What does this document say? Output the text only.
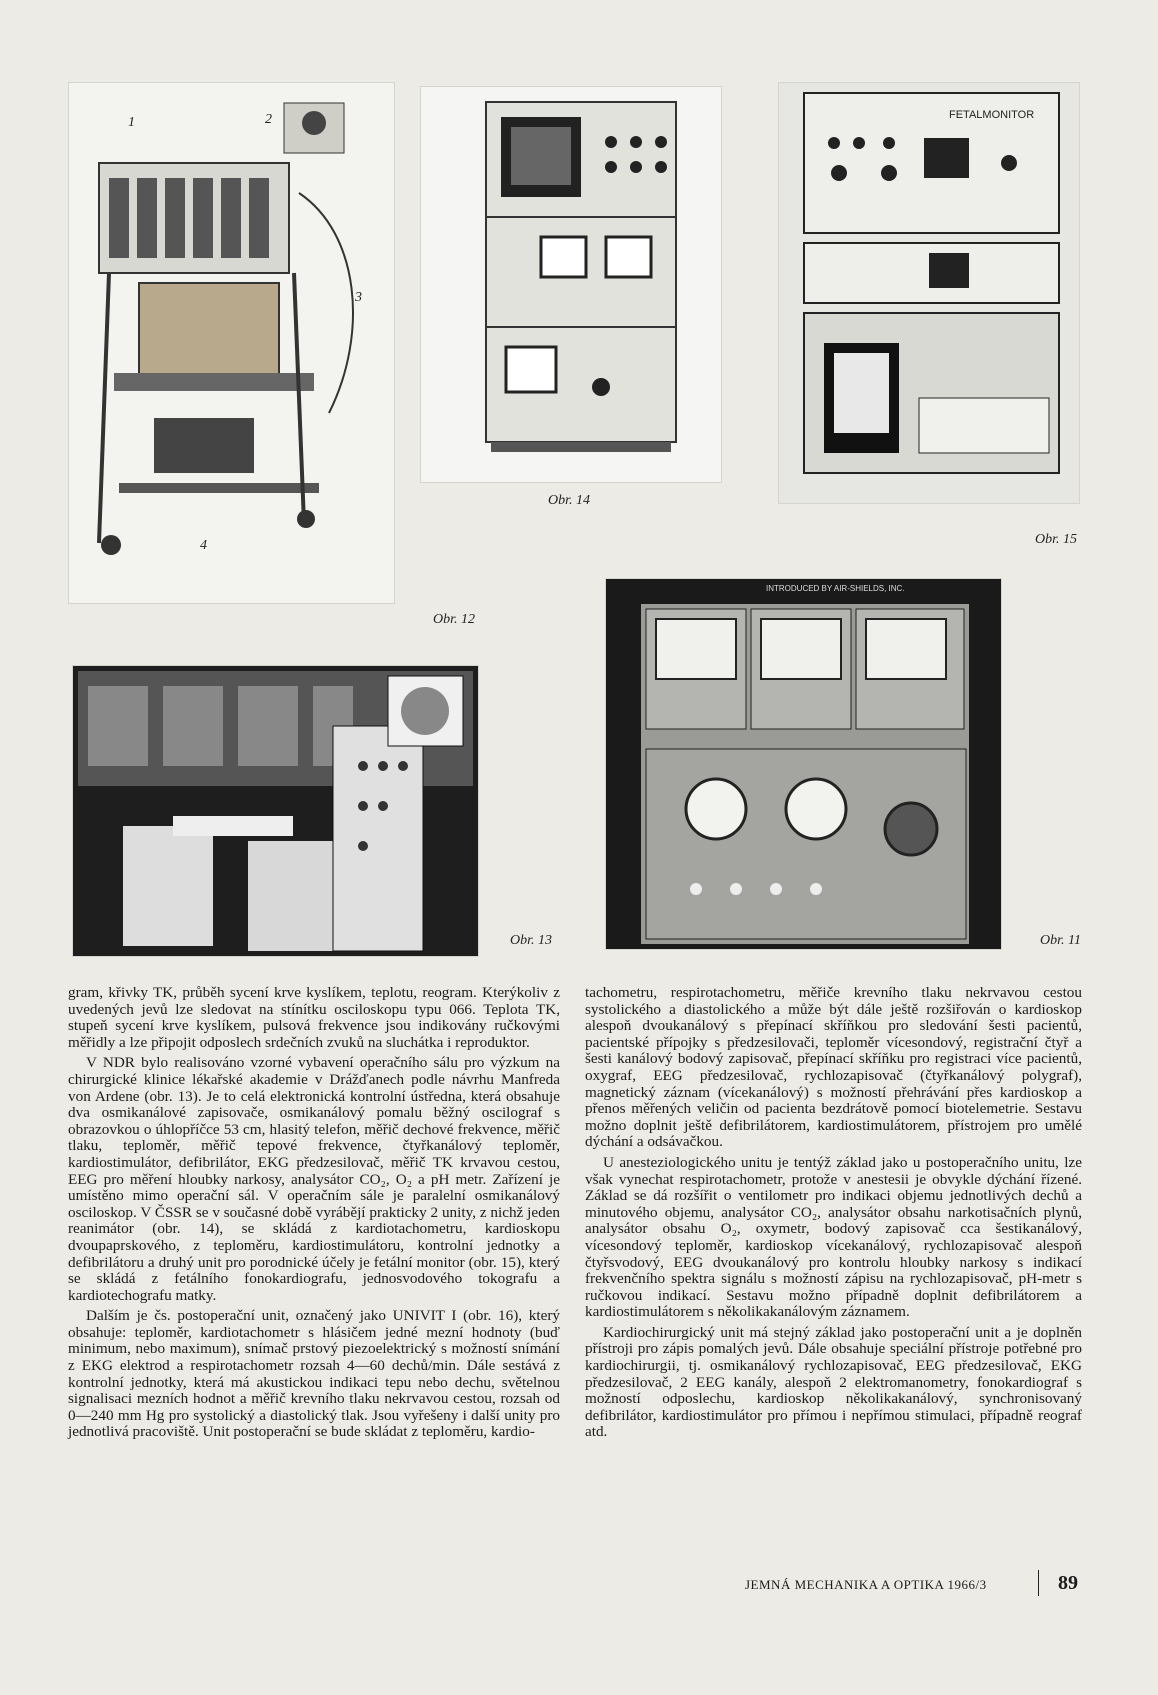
1	2
3
4
Obr. 12
Obr. 14
FETALMONITOR
Obr. 15
Obr. 13
INTRODUCED BY AIR-SHIELDS, INC.
Obr. 11

gram, křivky TK, průběh sycení krve kyslíkem, teplotu, reogram. Kterýkoliv z uvedených jevů lze sledovat na stínítku osciloskopu typu 066. Teplota TK, stupeň sycení krve kyslíkem, pulsová frekvence jsou indikovány ručkovými měřidly a lze připojit odposlech srdečních zvuků na sluchátka i reproduktor.

V NDR bylo realisováno vzorné vybavení operačního sálu pro výzkum na chirurgické klinice lékařské akademie v Drážďanech podle návrhu Manfreda von Ardene (obr. 13). Je to celá elektronická kontrolní ústředna, která obsahuje dva osmikanálové zapisovače, osmikanálový pomalu běžný oscilograf s obrazovkou o úhlopříčce 53 cm, hlasitý telefon, měřič dechové frekvence, měřič tlaku, teploměr, měřič tepové frekvence, čtyřkanálový teploměr, kardiostimulátor, defibrilátor, EKG předzesilovač, měřič TK krvavou cestou, EEG pro měření hloubky narkosy, analysátor CO₂, O₂ a pH metr. Zařízení je umístěno mimo operační sál. V operačním sále je paralelní osmikanálový osciloskop. V ČSSR se v současné době vyrábějí prakticky 2 unity, z nichž jeden reanimátor (obr. 14), se skládá z kardiotachometru, kardioskopu dvoupaprskového, z teploměru, kardiostimulátoru, kontrolní jednotky a defibrilátoru a druhý unit pro porodnické účely je fetální monitor (obr. 15), který se skládá z fetálního fonokardiografu, jednosvodového tokografu a kardiotechografu matky.

Dalším je čs. postoperační unit, označený jako UNIVIT I (obr. 16), který obsahuje: teploměr, kardiotachometr s hlásičem jedné mezní hodnoty (buď minimum, nebo maximum), snímač prstový piezoelektrický s možností snímání z EKG elektrod a respirotachometr rozsah 4—60 dechů/min. Dále sestává z kontrolní jednotky, která má akustickou indikaci tepu nebo dechu, světelnou signalisaci mezních hodnot a měřič krevního tlaku nekrvavou cestou, rozsah od 0—240 mm Hg pro systolický a diastolický tlak. Jsou vyřešeny i další unity pro jednotlivá pracoviště. Unit postoperační se bude skládat z teploměru, kardio-

tachometru, respirotachometru, měřiče krevního tlaku nekrvavou cestou systolického a diastolického a může být dále ještě rozšiřován o kardioskop alespoň dvoukanálový s přepínací skříňkou pro sledování šesti pacientů, pacientské přípojky s předzesilovači, teploměr vícesondový, registrační čtyř a šesti kanálový bodový zapisovač, přepínací skříňku pro registraci více pacientů, oxygraf, EEG předzesilovač, rychlozapisovač (čtyřkanálový polygraf), magnetický záznam (vícekanálový) s možností přehrávání přes kardioskop a přenos měřených veličin od pacienta bezdrátově pomocí biotelemetrie. Sestavu možno doplnit ještě defibrilátorem, kardiostimulátorem, přístrojem pro umělé dýchání a odsávačkou.

U anesteziologického unitu je tentýž základ jako u postoperačního unitu, lze však vynechat respirotachometr, protože v anestesii je obvykle dýchání řízené. Základ se dá rozšířit o ventilometr pro indikaci objemu jednotlivých dechů a minutového objemu, analysátor CO₂, analysátor obsahu narkotisačních plynů, analysátor obsahu O₂, oxymetr, bodový zapisovač cca šestikanálový, vícesondový teploměr, kardioskop vícekanálový, rychlozapisovač alespoň čtyřsvodový, EEG dvoukanálový pro kontrolu hloubky narkosy s indikací frekvenčního spektra signálu s možností zápisu na rychlozapisovač, pH-metr s ručkovou indikací. Sestavu možno případně doplnit defibrilátorem a kardiostimulátorem s několikakanálovým záznamem.

Kardiochirurgický unit má stejný základ jako postoperační unit a je doplněn přístroji pro zápis pomalých jevů. Dále obsahuje speciální přístroje potřebné pro kardiochirurgii, tj. osmikanálový rychlozapisovač, EEG předzesilovač, EKG předzesilovač, 2 EEG kanály, alespoň 2 elektromanometry, fonokardiograf s možností odposlechu, kardioskop několikakanálový, synchronisovaný defibrilátor, kardiostimulátor pro přímou i nepřímou stimulaci, případně reograf atd.

JEMNÁ MECHANIKA A OPTIKA 1966/3	89
